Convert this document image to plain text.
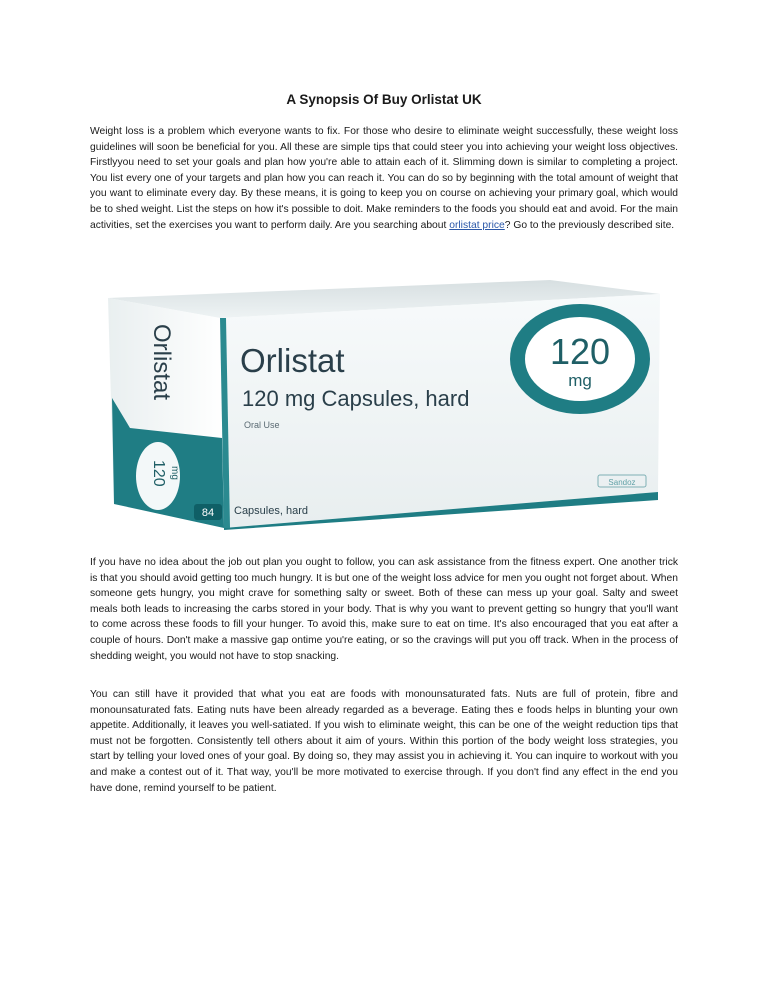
A Synopsis Of Buy Orlistat UK

Weight loss is a problem which everyone wants to fix. For those who desire to eliminate weight successfully, these weight loss guidelines will soon be beneficial for you. All these are simple tips that could steer you into achieving your weight loss objectives. Firstlyyou need to set your goals and plan how you're able to attain each of it. Slimming down is similar to completing a project. You list every one of your targets and plan how you can reach it. You can do so by beginning with the total amount of weight that you want to eliminate every day. By these means, it is going to keep you on course on achieving your primary goal, which would be to shed weight. List the steps on how it's possible to doit. Make reminders to the foods you should eat and avoid. For the main activities, set the exercises you want to perform daily. Are you searching about orlistat price? Go to the previously described site.

Orlistat
120 mg Capsules, hard
Oral Use
120
mg
Sandoz
84 Capsules, hard
Orlistat
120 mg

If you have no idea about the job out plan you ought to follow, you can ask assistance from the fitness expert. One another trick is that you should avoid getting too much hungry. It is but one of the weight loss advice for men you ought not forget about. When someone gets hungry, you might crave for something salty or sweet. Both of these can mess up your goal. Salty and sweet meals both leads to increasing the carbs stored in your body. That is why you want to prevent getting so hungry that you'll want to come across these foods to fill your hunger. To avoid this, make sure to eat on time. It's also encouraged that you eat after a couple of hours. Don't make a massive gap ontime you're eating, or so the cravings will put you off track. When in the process of shedding weight, you would not have to stop snacking.

You can still have it provided that what you eat are foods with monounsaturated fats. Nuts are full of protein, fibre and monounsaturated fats. Eating nuts have been already regarded as a beverage. Eating thes e foods helps in blunting your own appetite. Additionally, it leaves you well-satiated. If you wish to eliminate weight, this can be one of the weight reduction tips that must not be forgotten. Consistently tell others about it aim of yours. Within this portion of the body weight loss strategies, you start by telling your loved ones of your goal. By doing so, they may assist you in achieving it. You can inquire to workout with you and make a contest out of it. That way, you'll be more motivated to exercise through. If you don't find any effect in the end you have done, remind yourself to be patient.
